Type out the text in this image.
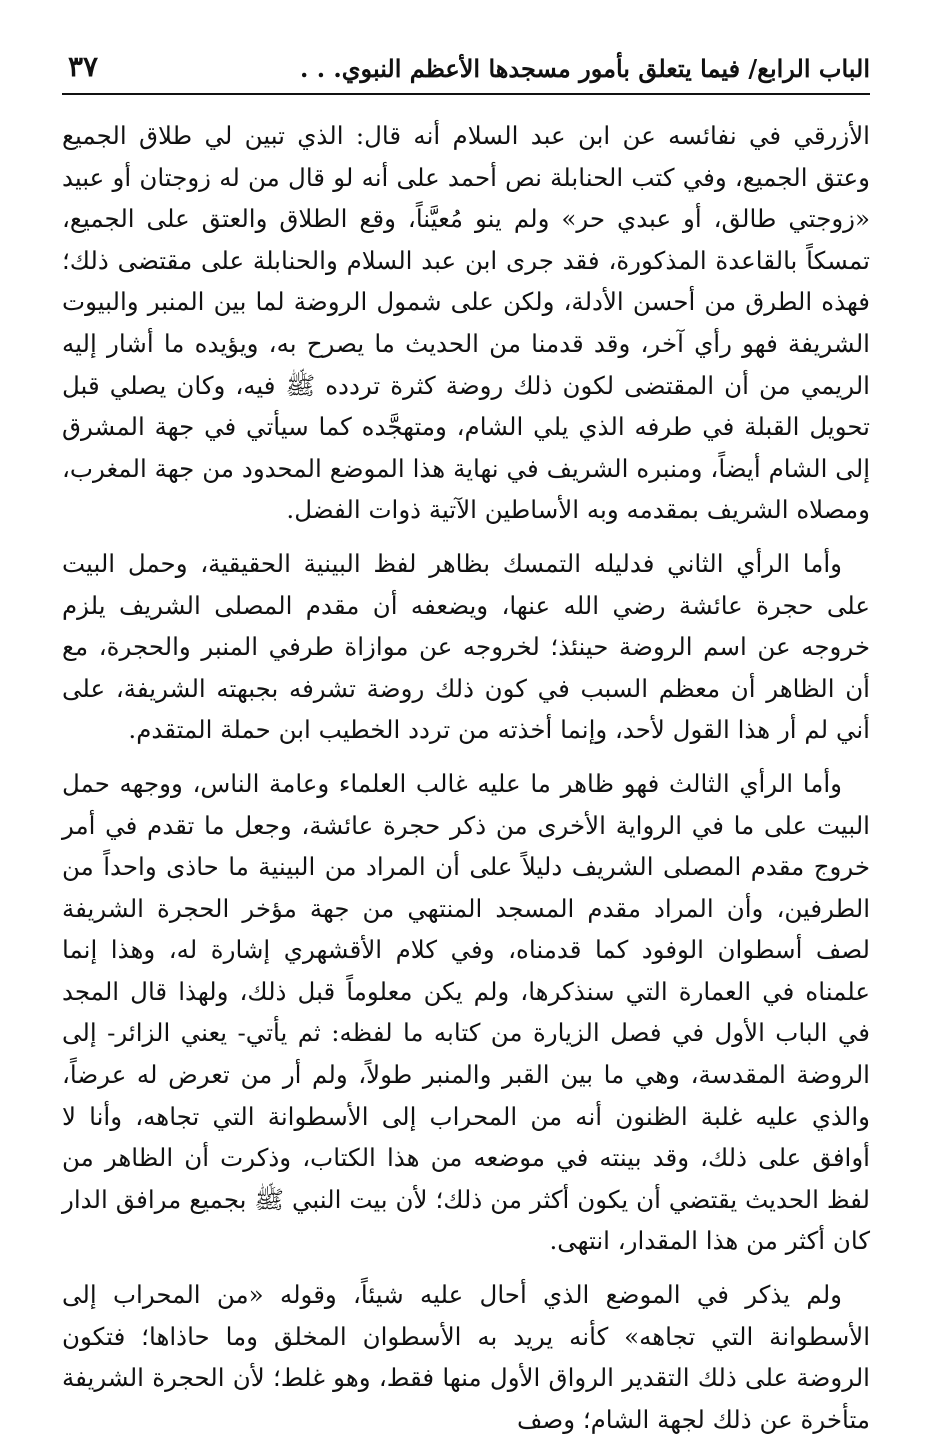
الباب الرابع/ فيما يتعلق بأمور مسجدها الأعظم النبوي. . .
٣٧

الأزرقي في نفائسه عن ابن عبد السلام أنه قال: الذي تبين لي طلاق الجميع وعتق الجميع، وفي كتب الحنابلة نص أحمد على أنه لو قال من له زوجتان أو عبيد «زوجتي طالق، أو عبدي حر» ولم ينو مُعيَّناً، وقع الطلاق والعتق على الجميع، تمسكاً بالقاعدة المذكورة، فقد جرى ابن عبد السلام والحنابلة على مقتضى ذلك؛ فهذه الطرق من أحسن الأدلة، ولكن على شمول الروضة لما بين المنبر والبيوت الشريفة فهو رأي آخر، وقد قدمنا من الحديث ما يصرح به، ويؤيده ما أشار إليه الريمي من أن المقتضى لكون ذلك روضة كثرة تردده ﷺ فيه، وكان يصلي قبل تحويل القبلة في طرفه الذي يلي الشام، ومتهجَّده كما سيأتي في جهة المشرق إلى الشام أيضاً، ومنبره الشريف في نهاية هذا الموضع المحدود من جهة المغرب، ومصلاه الشريف بمقدمه وبه الأساطين الآتية ذوات الفضل.

وأما الرأي الثاني فدليله التمسك بظاهر لفظ البينية الحقيقية، وحمل البيت على حجرة عائشة رضي الله عنها، ويضعفه أن مقدم المصلى الشريف يلزم خروجه عن اسم الروضة حينئذ؛ لخروجه عن موازاة طرفي المنبر والحجرة، مع أن الظاهر أن معظم السبب في كون ذلك روضة تشرفه بجبهته الشريفة، على أني لم أر هذا القول لأحد، وإنما أخذته من تردد الخطيب ابن حملة المتقدم.

وأما الرأي الثالث فهو ظاهر ما عليه غالب العلماء وعامة الناس، ووجهه حمل البيت على ما في الرواية الأخرى من ذكر حجرة عائشة، وجعل ما تقدم في أمر خروج مقدم المصلى الشريف دليلاً على أن المراد من البينية ما حاذى واحداً من الطرفين، وأن المراد مقدم المسجد المنتهي من جهة مؤخر الحجرة الشريفة لصف أسطوان الوفود كما قدمناه، وفي كلام الأقشهري إشارة له، وهذا إنما علمناه في العمارة التي سنذكرها، ولم يكن معلوماً قبل ذلك، ولهذا قال المجد في الباب الأول في فصل الزيارة من كتابه ما لفظه: ثم يأتي- يعني الزائر- إلى الروضة المقدسة، وهي ما بين القبر والمنبر طولاً، ولم أر من تعرض له عرضاً، والذي عليه غلبة الظنون أنه من المحراب إلى الأسطوانة التي تجاهه، وأنا لا أوافق على ذلك، وقد بينته في موضعه من هذا الكتاب، وذكرت أن الظاهر من لفظ الحديث يقتضي أن يكون أكثر من ذلك؛ لأن بيت النبي ﷺ بجميع مرافق الدار كان أكثر من هذا المقدار، انتهى.

ولم يذكر في الموضع الذي أحال عليه شيئاً، وقوله «من المحراب إلى الأسطوانة التي تجاهه» كأنه يريد به الأسطوان المخلق وما حاذاها؛ فتكون الروضة على ذلك التقدير الرواق الأول منها فقط، وهو غلط؛ لأن الحجرة الشريفة متأخرة عن ذلك لجهة الشام؛ وصف
